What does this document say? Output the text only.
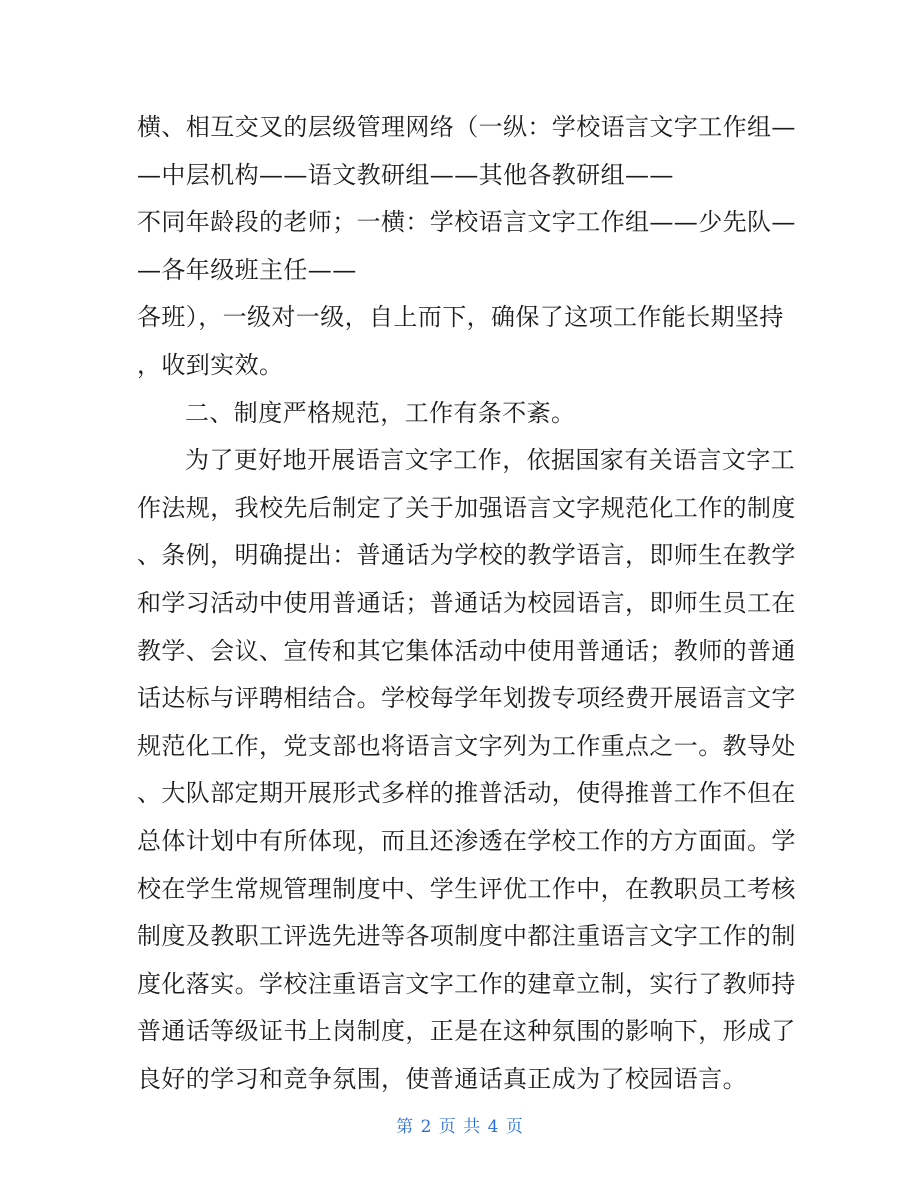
横、相互交叉的层级管理网络（一纵：学校语言文字工作组—
—中层机构——语文教研组——其他各教研组——
不同年龄段的老师；一横：学校语言文字工作组——少先队—
—各年级班主任——
各班），一级对一级，自上而下，确保了这项工作能长期坚持
，收到实效。
二、制度严格规范，工作有条不紊。
为了更好地开展语言文字工作，依据国家有关语言文字工
作法规，我校先后制定了关于加强语言文字规范化工作的制度
、条例，明确提出：普通话为学校的教学语言，即师生在教学
和学习活动中使用普通话；普通话为校园语言，即师生员工在
教学、会议、宣传和其它集体活动中使用普通话；教师的普通
话达标与评聘相结合。学校每学年划拨专项经费开展语言文字
规范化工作，党支部也将语言文字列为工作重点之一。教导处
、大队部定期开展形式多样的推普活动，使得推普工作不但在
总体计划中有所体现，而且还渗透在学校工作的方方面面。学
校在学生常规管理制度中、学生评优工作中，在教职员工考核
制度及教职工评选先进等各项制度中都注重语言文字工作的制
度化落实。学校注重语言文字工作的建章立制，实行了教师持
普通话等级证书上岗制度，正是在这种氛围的影响下，形成了
良好的学习和竞争氛围，使普通话真正成为了校园语言。
第 2 页 共 4 页
